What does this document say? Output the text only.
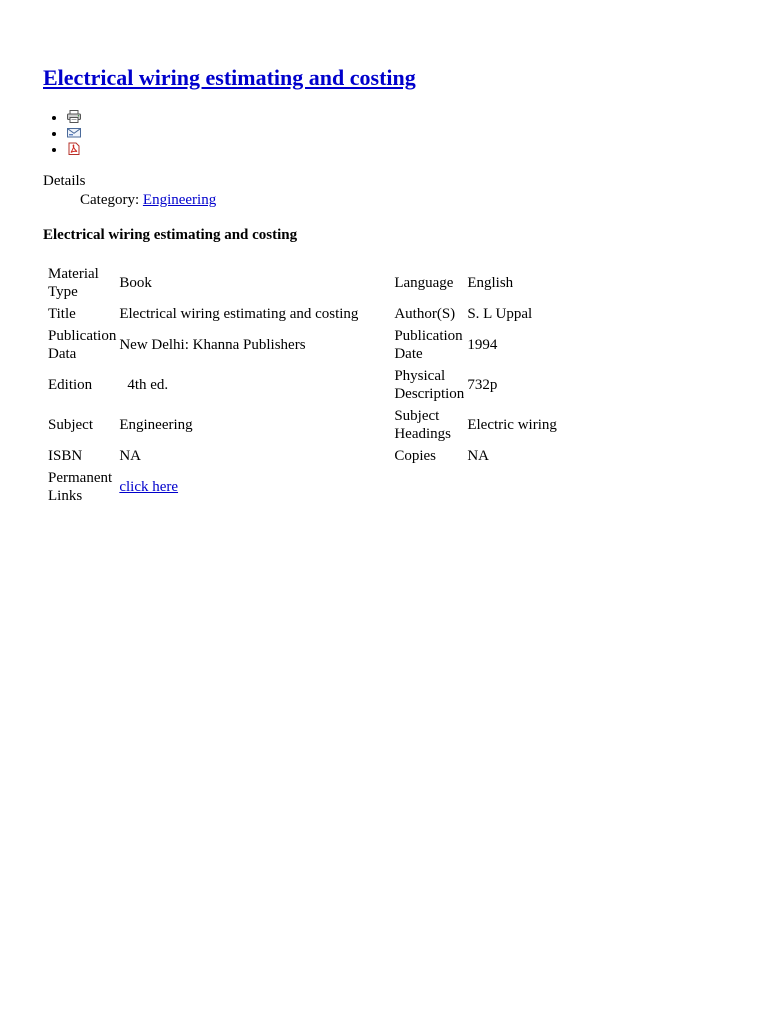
Electrical wiring estimating and costing
•
•
•
Details
Category: Engineering

Electrical wiring estimating and costing

Material Type	Book	Language	English
Title	Electrical wiring estimating and costing	Author(S)	S. L Uppal
Publication Data	New Delhi: Khanna Publishers	Publication Date	1994
Edition	4th ed.	Physical Description	732p
Subject	Engineering	Subject Headings	Electric wiring
ISBN	NA	Copies	NA
Permanent Links	click here		
